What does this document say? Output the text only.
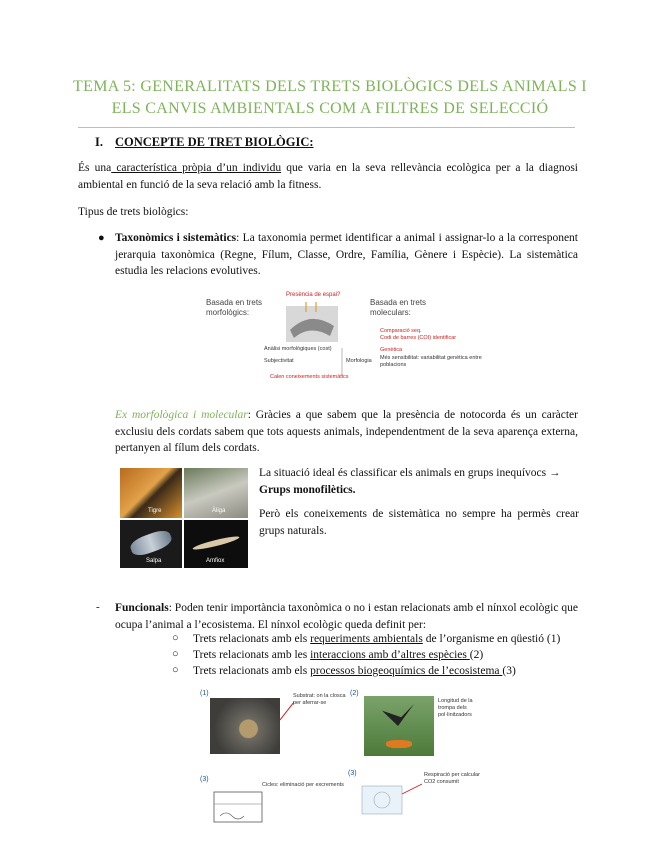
TEMA 5: GENERALITATS DELS TRETS BIOLÒGICS DELS ANIMALS I
ELS CANVIS AMBIENTALS COM A FILTRES DE SELECCIÓ
I. CONCEPTE DE TRET BIOLÒGIC:
És una característica pròpia d’un individu que varia en la seva rellevància ecològica per a la diagnosi ambiental en funció de la seva relació amb la fitness.
Tipus de trets biològics:
● Taxonòmics i sistemàtics: La taxonomia permet identificar a animal i assignar-lo a la corresponent jerarquia taxonòmica (Regne, Fílum, Classe, Ordre, Família, Gènere i Espècie). La sistemàtica estudia les relacions evolutives.
Basada en trets morfològics:
Presència de espai?
Anàlisi morfològiques (cost)
Subjectivitat	Morfologia
Calen coneixements sistemàtics
Basada en trets moleculars:
Comparació seq.
Codi de barres (COI) identificar
Genètica
Més sensibilitat: variabilitat genètica entre poblacions
Ex morfològica i molecular: Gràcies a que sabem que la presència de notocorda és un caràcter exclusiu dels cordats sabem que tots aquests animals, independentment de la seva aparença externa, pertanyen al fílum dels cordats.
Tigre	Àliga
Salpa	Amfiox
La situació ideal és classificar els animals en grups inequívocs → Grups monofilètics.
Però els coneixements de sistemàtica no sempre ha permès crear grups naturals.
- Funcionals: Poden tenir importància taxonòmica o no i estan relacionats amb el nínxol ecològic que ocupa l’animal a l’ecosistema. El nínxol ecològic queda definit per:
○ Trets relacionats amb els requeriments ambientals de l’organisme en qüestió (1)
○ Trets relacionats amb les interaccions amb d’altres espècies (2)
○ Trets relacionats amb els processos biogeoquímics de l’ecosistema (3)
(1)	Substrat: on la closca per aferrar-se
(2)
Longitud de la trompa dels pol·linitzadors
(3)
Cicles: eliminació per excrements
(3)	Respiració per calcular CO2 consumit
